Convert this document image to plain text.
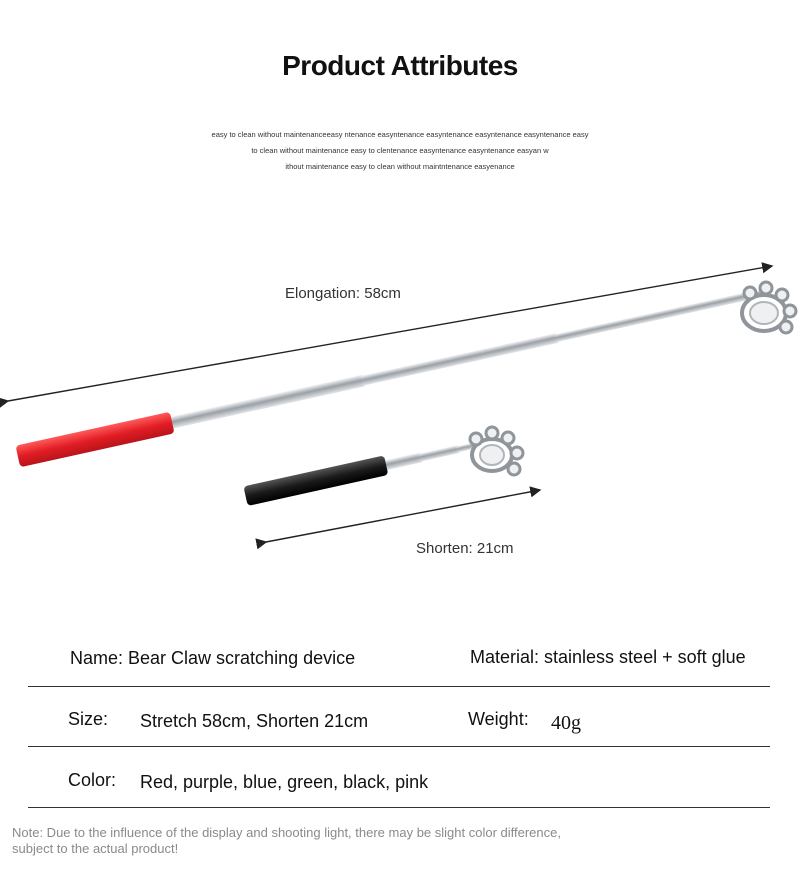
Product Attributes
easy to clean without maintenanceeasy ntenance easyntenance easyntenance easyntenance easyntenance easy
to clean without maintenance easy to clentenance easyntenance easyntenance easyan w
ithout maintenance easy to clean without maintntenance easyenance
Elongation: 58cm
Shorten: 21cm
Name: Bear Claw scratching device	Material: stainless steel + soft glue
Size: Stretch 58cm, Shorten 21cm	Weight: 40g
Color: Red, purple, blue, green, black, pink
Note: Due to the influence of the display and shooting light, there may be slight color difference, subject to the actual product!
